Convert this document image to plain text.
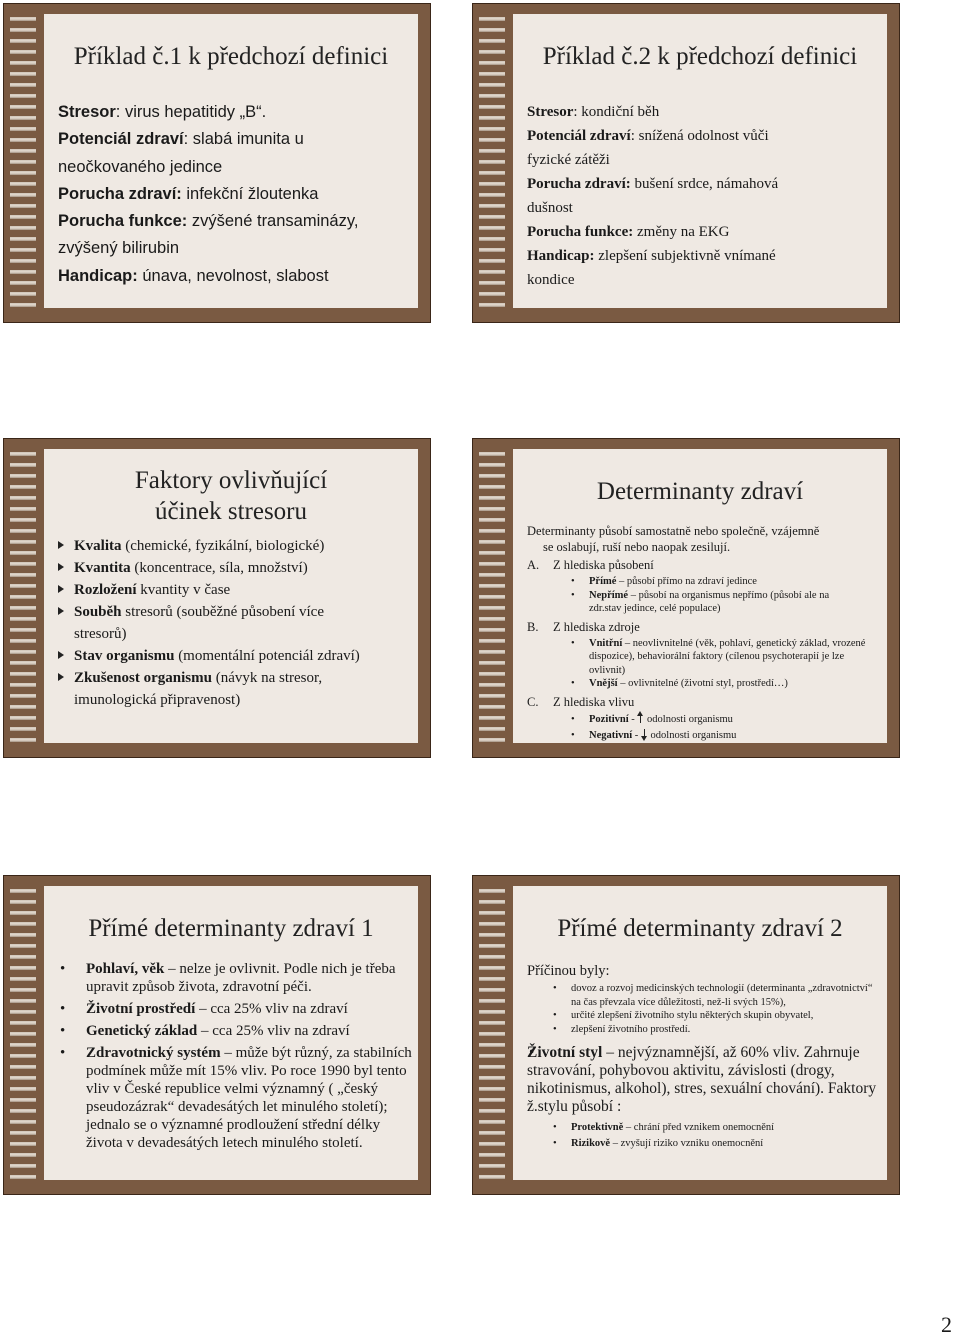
Příklad č.1 k předchozí definici
Stresor: virus hepatitidy „B“.
Potenciál zdraví: slabá imunita u
neočkovaného jedince
Porucha zdraví: infekční žloutenka
Porucha funkce: zvýšené transaminázy,
zvýšený bilirubin
Handicap: únava, nevolnost, slabost
Příklad č.2 k předchozí definici
Stresor: kondiční běh
Potenciál zdraví: snížená odolnost vůči
fyzické zátěži
Porucha zdraví: bušení srdce, námahová
dušnost
Porucha funkce: změny na EKG
Handicap: zlepšení subjektivně vnímané
kondice
Faktory ovlivňující
účinek stresoru

Kvalita (chemické, fyzikální, biologické)

Kvantita (koncentrace, síla, množství)

Rozložení kvantity v čase

Souběh stresorů (souběžné působení více stresorů)

Stav organismu (momentální potenciál zdraví)

Zkušenost organismu (návyk na stresor, imunologická připravenost)

Determinanty zdraví

Determinanty působí samostatně nebo společně, vzájemně
se oslabují, ruší nebo naopak zesilují.

A. Z hlediska působení

• Přímé – působí přímo na zdraví jedince

• Nepřímé – působí na organismus nepřímo (působí ale na zdr.stav jedince, celé populace)

B. Z hlediska zdroje

• Vnitřní – neovlivnitelné (věk, pohlaví, genetický základ, vrozené dispozice), behaviorální faktory (cílenou psychoterapií je lze ovlivnit)

• Vnější – ovlivnitelné (životní styl, prostředí…)

C. Z hlediska vlivu

• Pozitivní -  odolnosti organismu

• Negativní -  odolnosti organismu

Přímé determinanty zdraví 1

• Pohlaví, věk – nelze je ovlivnit. Podle nich je třeba upravit způsob života, zdravotní péči.

• Životní prostředí – cca 25% vliv na zdraví

• Genetický základ – cca 25% vliv na zdraví

• Zdravotnický systém – může být různý, za stabilních podmínek může mít 15% vliv. Po roce 1990 byl tento vliv v České republice velmi významný ( „český pseudozázrak“ devadesátých let minulého století); jednalo se o významné prodloužení střední délky života v devadesátých letech minulého století.

Přímé determinanty zdraví 2

Příčinou byly:

• dovoz a rozvoj medicinských technologií (determinanta „zdravotnictví“ na čas převzala více důležitosti, než-li svých 15%),

• určité zlepšení životního stylu některých skupin obyvatel,

• zlepšení životního prostředí.

• Životní styl – nejvýznamnější, až 60% vliv. Zahrnuje stravování, pohybovou aktivitu, závislosti (drogy, nikotinismus, alkohol), stres, sexuální chování). Faktory ž.stylu působí :

• Protektivně – chrání před vznikem onemocnění

• Rizikově – zvyšují riziko vzniku onemocnění

2
